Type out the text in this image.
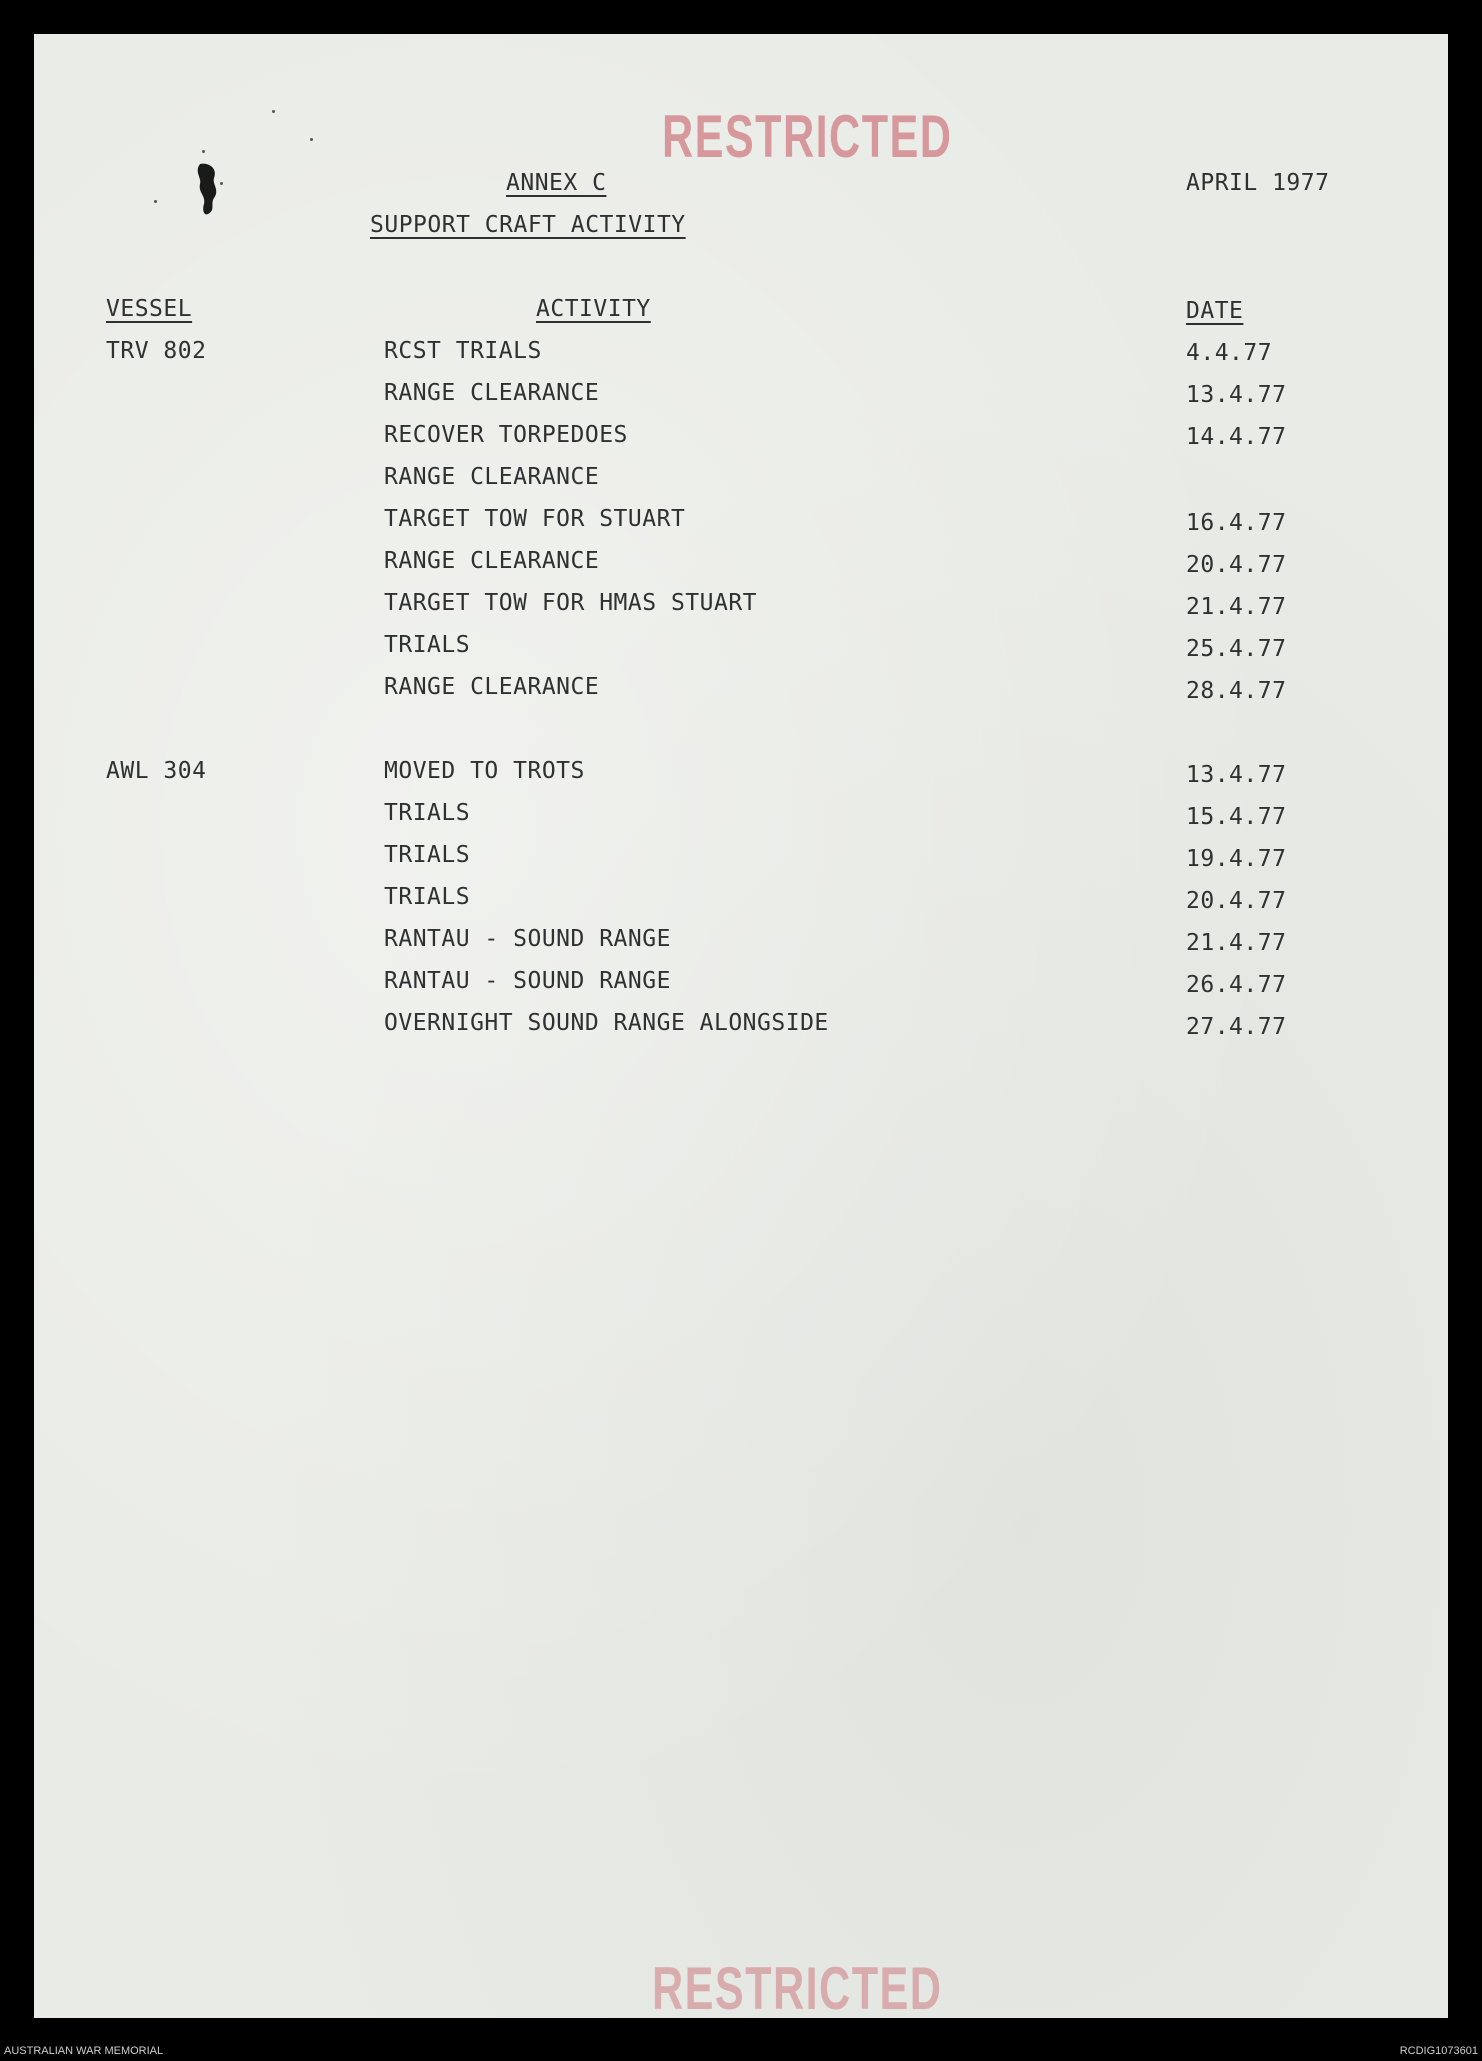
RESTRICTED
ANNEX C	APRIL 1977
SUPPORT CRAFT ACTIVITY
VESSEL	ACTIVITY	DATE
TRV 802	RCST TRIALS	4.4.77
RANGE CLEARANCE	13.4.77
RECOVER TORPEDOES	14.4.77
RANGE CLEARANCE
TARGET TOW FOR STUART	16.4.77
RANGE CLEARANCE	20.4.77
TARGET TOW FOR HMAS STUART	21.4.77
TRIALS	25.4.77
RANGE CLEARANCE	28.4.77
AWL 304	MOVED TO TROTS	13.4.77
TRIALS	15.4.77
TRIALS	19.4.77
TRIALS	20.4.77
RANTAU - SOUND RANGE	21.4.77
RANTAU - SOUND RANGE	26.4.77
OVERNIGHT SOUND RANGE ALONGSIDE	27.4.77
RESTRICTED
AUSTRALIAN WAR MEMORIAL	RCDIG1073601
